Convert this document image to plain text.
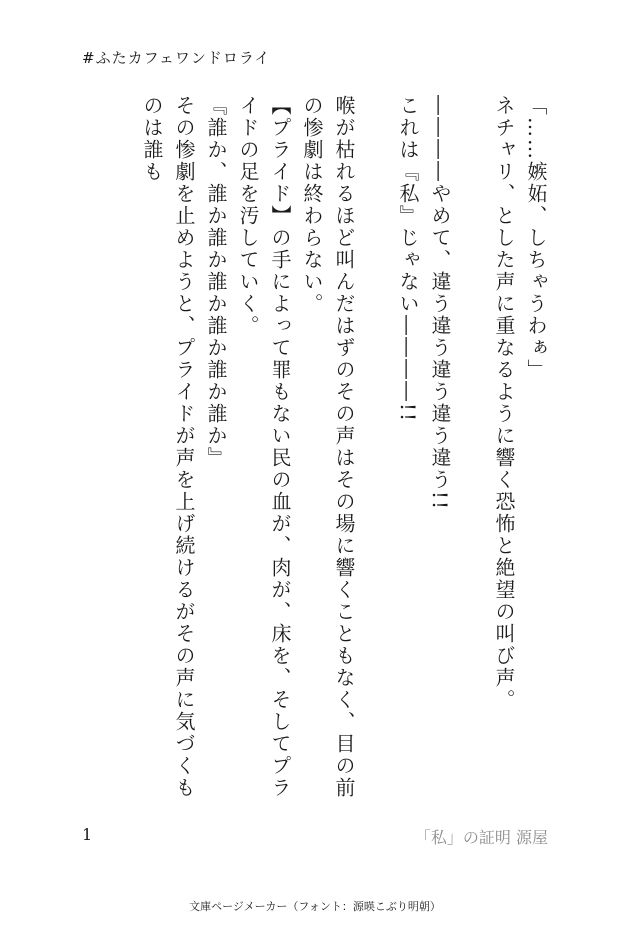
#ふたカフェワンドロライ

「……嫉妬、しちゃうわぁ」

ネチャリ、とした声に重なるように響く恐怖と絶望の叫び声。

――――やめて、違う違う違う違う違う!!

これは『私』じゃない――――!!

喉が枯れるほど叫んだはずのその声はその場に響くこともなく、目の前の惨劇は終わらない。

【プライド】の手によって罪もない民の血が、肉が、床を、そしてプライドの足を汚していく。

『誰か、誰か誰か誰か誰か誰か誰か』

その惨劇を止めようと、プライドが声を上げ続けるがその声に気づくものは誰も

1	「私」の証明 源屋
文庫ページメーカー（フォント：源暎こぶり明朝）
